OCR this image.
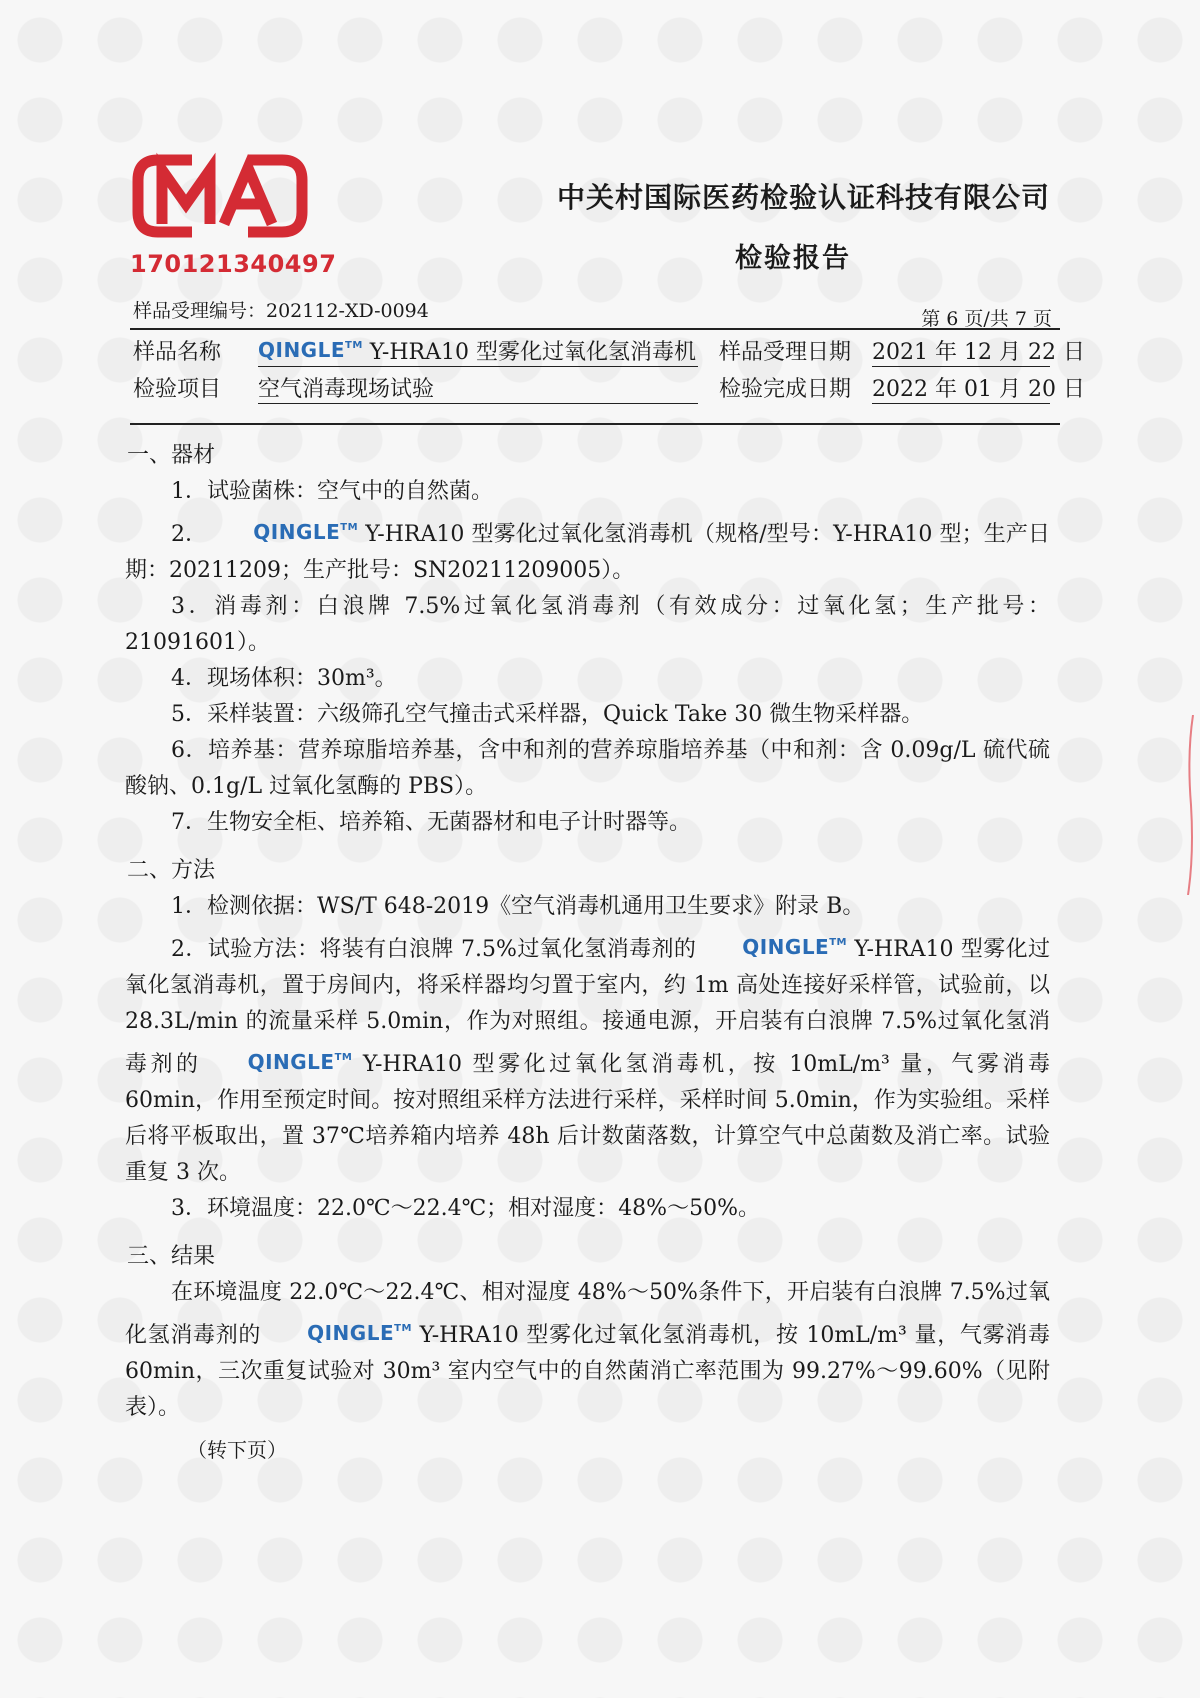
170121340497
中关村国际医药检验认证科技有限公司
检验报告
样品受理编号：202112-XD-0094	第 6 页/共 7 页
样品名称 QINGLE™ Y-HRA10 型雾化过氧化氢消毒机 样品受理日期 2021 年 12 月 22 日
检验项目 空气消毒现场试验	检验完成日期 2022 年 01 月 20 日

一、器材

1．试验菌株：空气中的自然菌。

2． QINGLE™ Y-HRA10 型雾化过氧化氢消毒机（规格/型号：Y-HRA10 型；生产日期：20211209；生产批号：SN20211209005）。

3．消毒剂：白浪牌 7.5%过氧化氢消毒剂（有效成分：过氧化氢；生产批号：21091601）。

4．现场体积：30m³。

5．采样装置：六级筛孔空气撞击式采样器，Quick Take 30 微生物采样器。

6．培养基：营养琼脂培养基，含中和剂的营养琼脂培养基（中和剂：含 0.09g/L 硫代硫酸钠、0.1g/L 过氧化氢酶的 PBS）。

7．生物安全柜、培养箱、无菌器材和电子计时器等。

二、方法

1．检测依据：WS/T 648-2019《空气消毒机通用卫生要求》附录 B。

2．试验方法：将装有白浪牌 7.5%过氧化氢消毒剂的 QINGLE™ Y-HRA10 型雾化过氧化氢消毒机，置于房间内，将采样器均匀置于室内，约 1m 高处连接好采样管，试验前，以 28.3L/min 的流量采样 5.0min，作为对照组。接通电源，开启装有白浪牌 7.5%过氧化氢消毒剂的 QINGLE™ Y-HRA10 型雾化过氧化氢消毒机，按 10mL/m³ 量，气雾消毒 60min，作用至预定时间。按对照组采样方法进行采样，采样时间 5.0min，作为实验组。采样后将平板取出，置 37℃培养箱内培养 48h 后计数菌落数，计算空气中总菌数及消亡率。试验重复 3 次。

3．环境温度：22.0℃～22.4℃；相对湿度：48%～50%。

三、结果

在环境温度 22.0℃～22.4℃、相对湿度 48%～50%条件下，开启装有白浪牌 7.5%过氧化氢消毒剂的 QINGLE™ Y-HRA10 型雾化过氧化氢消毒机，按 10mL/m³ 量，气雾消毒 60min，三次重复试验对 30m³ 室内空气中的自然菌消亡率范围为 99.27%～99.60%（见附表）。

（转下页）
